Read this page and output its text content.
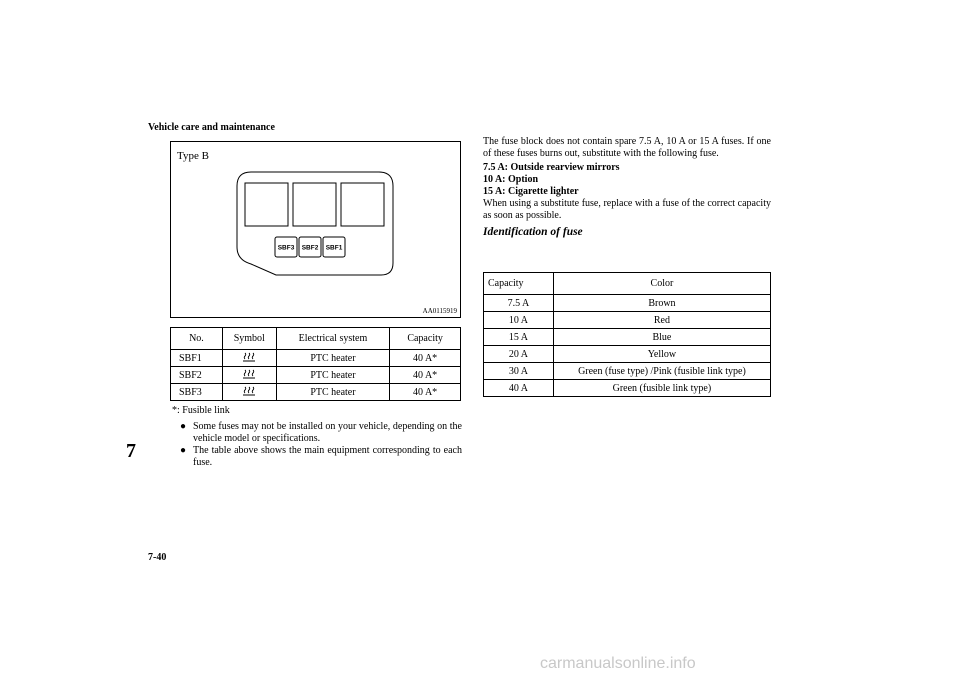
Vehicle care and maintenance
7
7-40
carmanualsonline.info
SBF3 SBF2 SBF1
Type B
AA0115919
No.	Symbol	Electrical system	Capacity
SBF1		PTC heater	40 A*
SBF2		PTC heater	40 A*
SBF3		PTC heater	40 A*
*: Fusible link
● Some fuses may not be installed on your vehicle, depending on the vehicle model or specifications.
● The table above shows the main equipment corresponding to each fuse.
The fuse block does not contain spare 7.5 A, 10 A or 15 A fuses. If one of these fuses burns out, substitute with the following fuse.
7.5 A: Outside rearview mirrors
10 A: Option
15 A: Cigarette lighter
When using a substitute fuse, replace with a fuse of the correct capacity as soon as possible.
Identification of fuse
Capacity	Color
7.5 A	Brown
10 A	Red
15 A	Blue
20 A	Yellow
30 A	Green (fuse type) /Pink (fusible link type)
40 A	Green (fusible link type)
